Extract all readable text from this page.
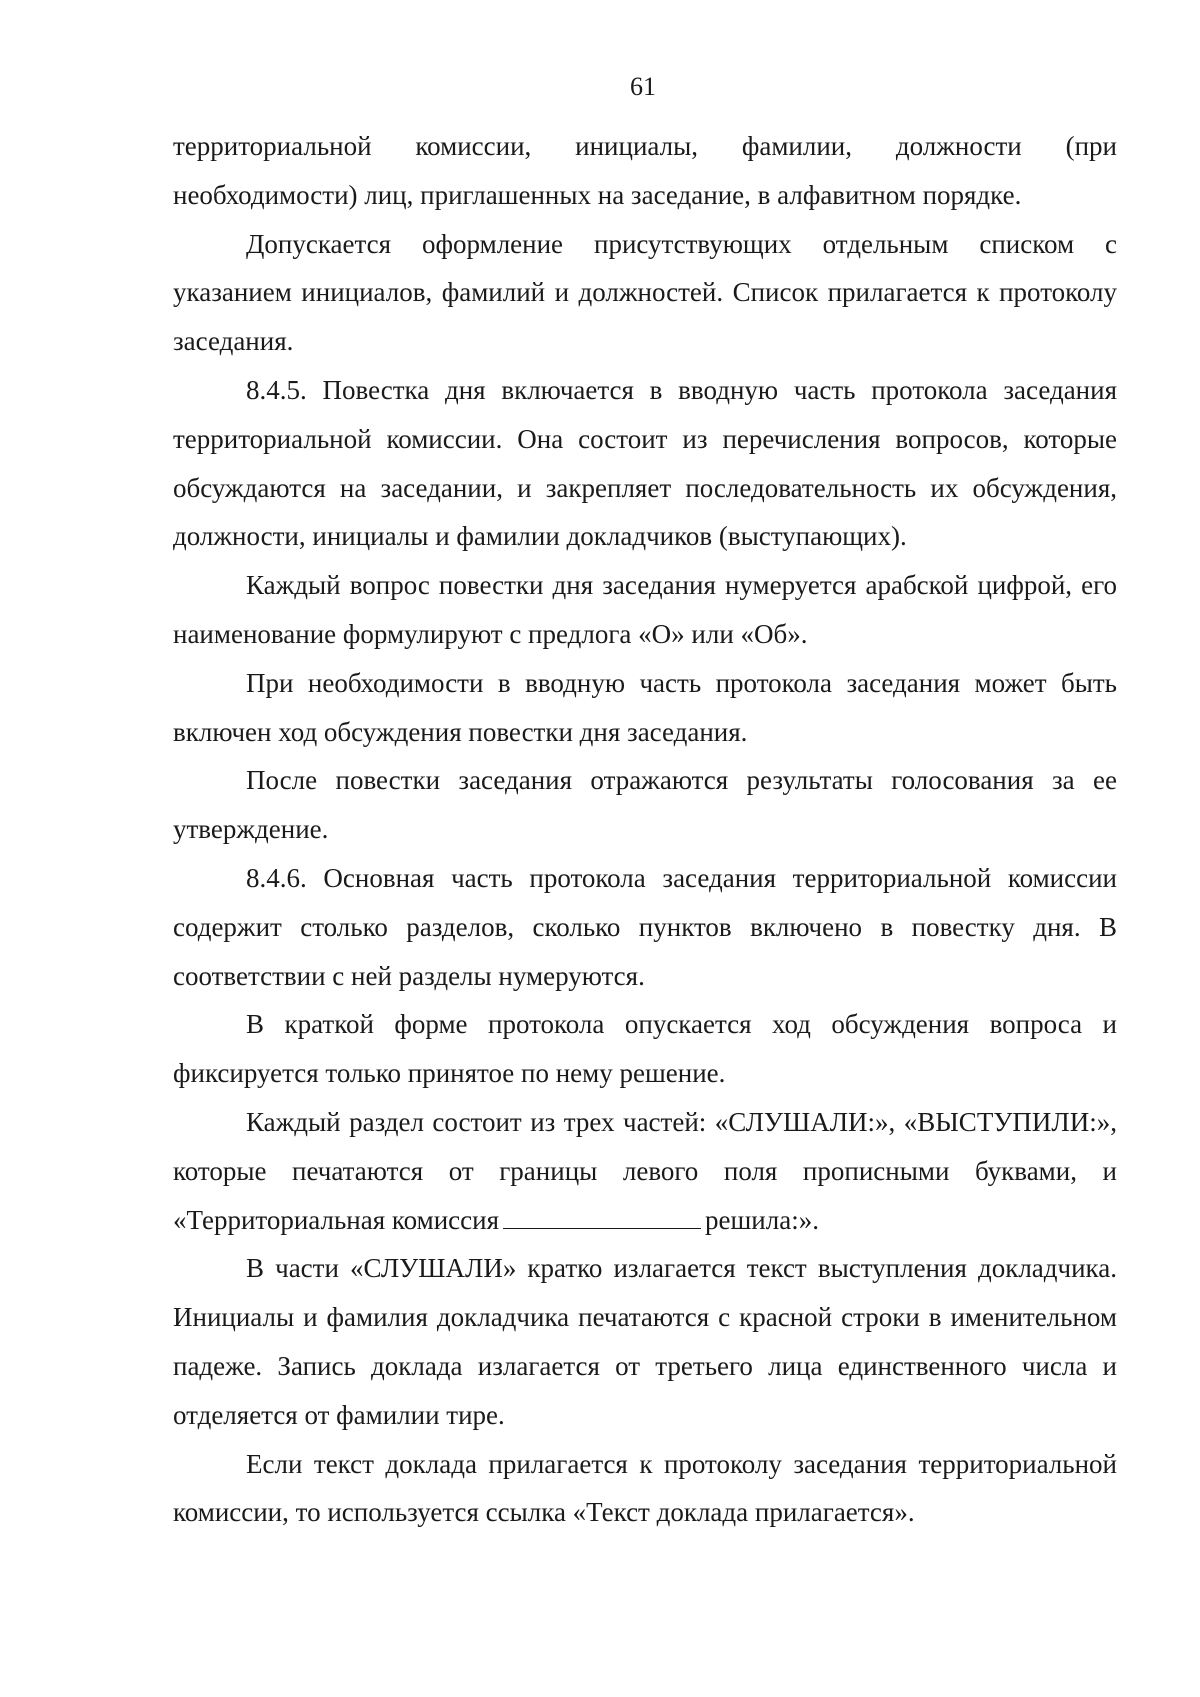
61

территориальной комиссии, инициалы, фамилии, должности (при необходимости) лиц, приглашенных на заседание, в алфавитном порядке.

Допускается оформление присутствующих отдельным списком с указанием инициалов, фамилий и должностей. Список прилагается к протоколу заседания.

8.4.5. Повестка дня включается в вводную часть протокола заседания территориальной комиссии. Она состоит из перечисления вопросов, которые обсуждаются на заседании, и закрепляет последовательность их обсуждения, должности, инициалы и фамилии докладчиков (выступающих).

Каждый вопрос повестки дня заседания нумеруется арабской цифрой, его наименование формулируют с предлога «О» или «Об».

При необходимости в вводную часть протокола заседания может быть включен ход обсуждения повестки дня заседания.

После повестки заседания отражаются результаты голосования за ее утверждение.

8.4.6. Основная часть протокола заседания территориальной комиссии содержит столько разделов, сколько пунктов включено в повестку дня. В соответствии с ней разделы нумеруются.

В краткой форме протокола опускается ход обсуждения вопроса и фиксируется только принятое по нему решение.

Каждый раздел состоит из трех частей: «СЛУШАЛИ:», «ВЫСТУПИЛИ:», которые печатаются от границы левого поля прописными буквами, и «Территориальная комиссия	решила:».

В части «СЛУШАЛИ» кратко излагается текст выступления докладчика. Инициалы и фамилия докладчика печатаются с красной строки в именительном падеже. Запись доклада излагается от третьего лица единственного числа и отделяется от фамилии тире.

Если текст доклада прилагается к протоколу заседания территориальной комиссии, то используется ссылка «Текст доклада прилагается».
